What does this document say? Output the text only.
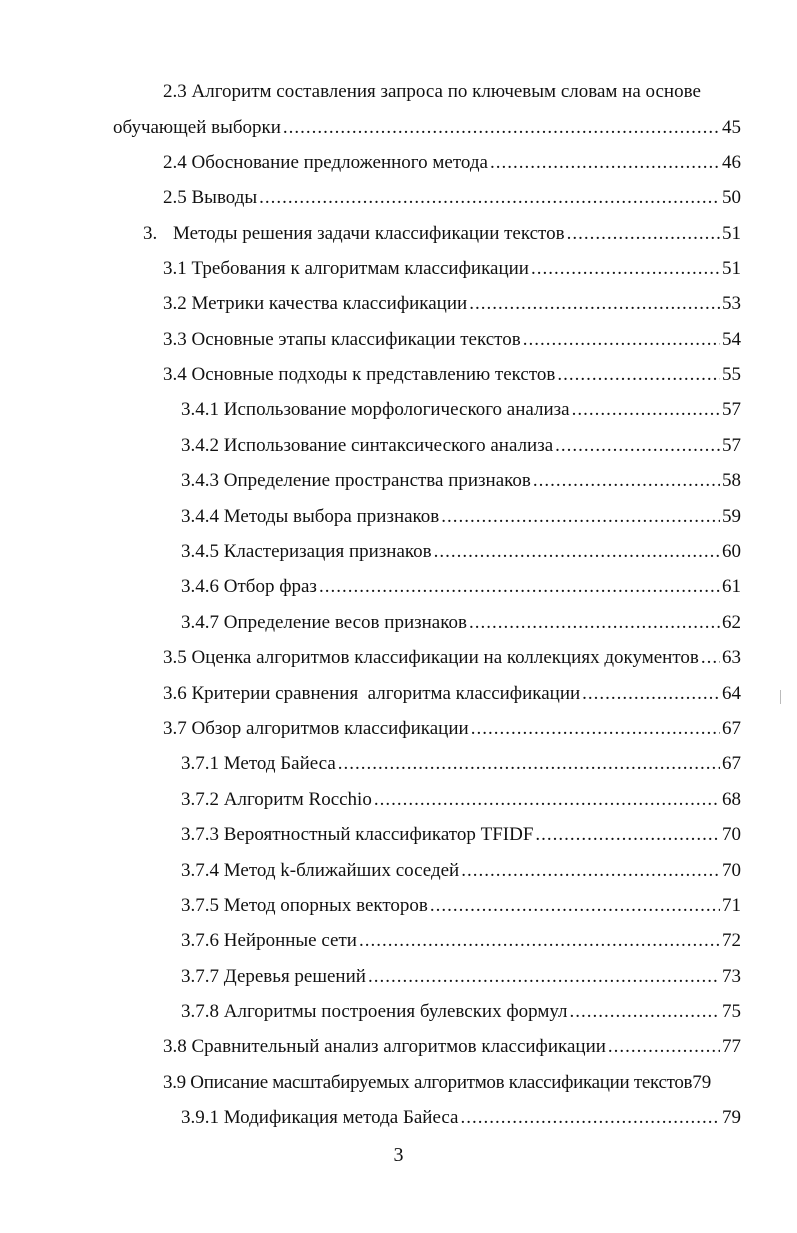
2.3 Алгоритм составления запроса по ключевым словам на основе
обучающей выборки .....	45
2.4 Обоснование предложенного метода .....	46
2.5 Выводы .....	50
3. Методы решения задачи классификации текстов .....	51
3.1 Требования к алгоритмам классификации .....	51
3.2 Метрики качества классификации .....	53
3.3 Основные этапы классификации текстов .....	54
3.4 Основные подходы к представлению текстов .....	55
3.4.1 Использование морфологического анализа .....	57
3.4.2 Использование синтаксического анализа .....	57
3.4.3 Определение пространства признаков .....	58
3.4.4 Методы выбора признаков .....	59
3.4.5 Кластеризация признаков .....	60
3.4.6 Отбор фраз .....	61
3.4.7 Определение весов признаков .....	62
3.5 Оценка алгоритмов классификации на коллекциях документов ..... 63
3.6 Критерии сравнения  алгоритма классификации .....	64
3.7 Обзор алгоритмов классификации .....	67
3.7.1 Метод Байеса .....	67
3.7.2 Алгоритм Rocchio .....	68
3.7.3 Вероятностный классификатор TFIDF .....	70
3.7.4 Метод k-ближайших соседей .....	70
3.7.5 Метод опорных векторов .....	71
3.7.6 Нейронные сети .....	72
3.7.7 Деревья решений .....	73
3.7.8 Алгоритмы построения булевских формул .....	75
3.8 Сравнительный анализ алгоритмов классификации .....	77
3.9 Описание масштабируемых алгоритмов классификации текстов 79
3.9.1 Модификация метода Байеса .....	79
3
